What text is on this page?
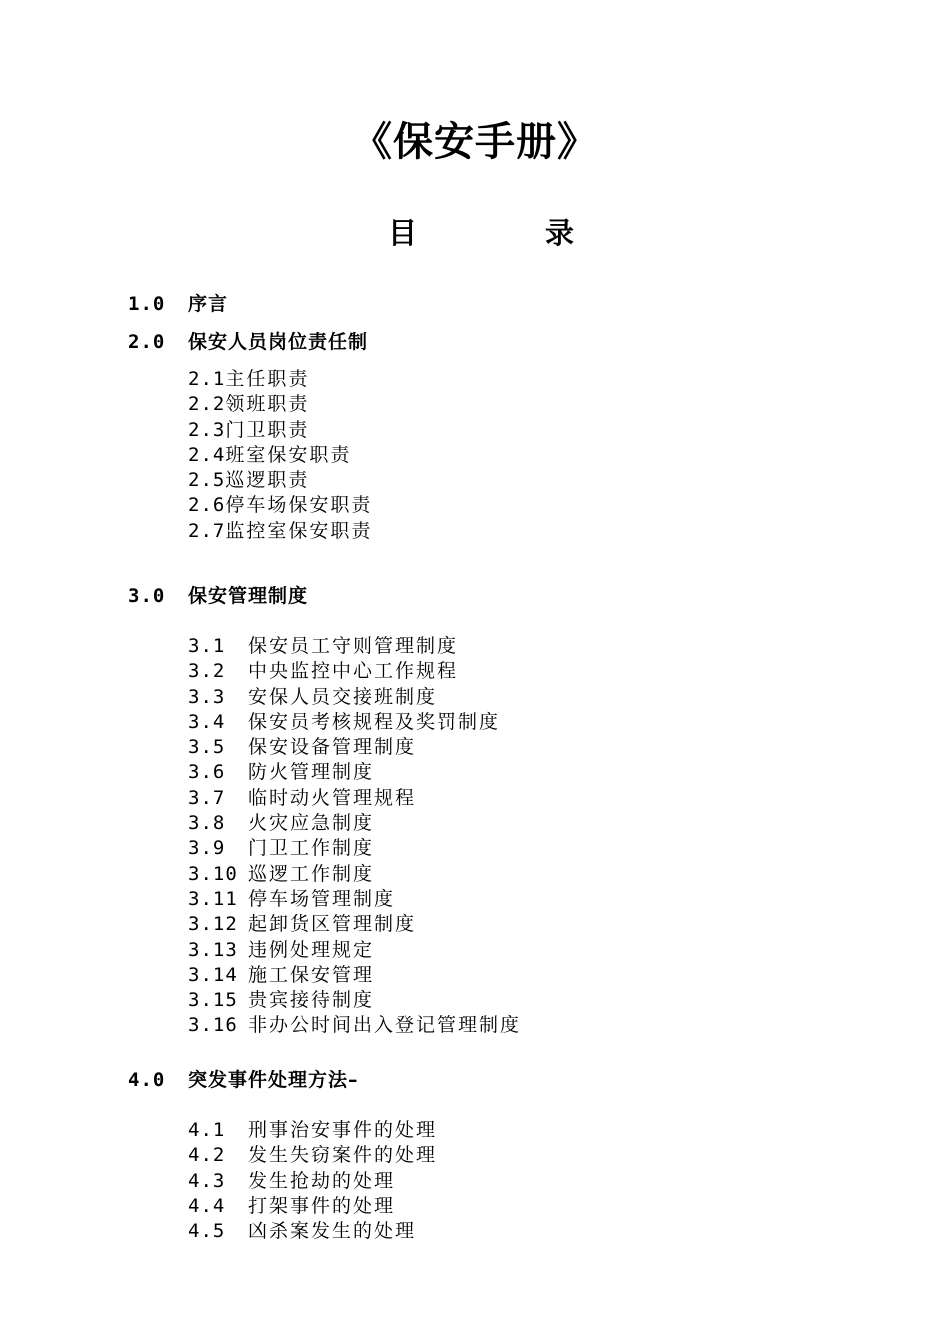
《保安手册》
目	录
1.0 序言
2.0 保安人员岗位责任制
2.1主任职责
2.2领班职责
2.3门卫职责
2.4班室保安职责
2.5巡逻职责
2.6停车场保安职责
2.7监控室保安职责
3.0 保安管理制度
3.1 保安员工守则管理制度
3.2 中央监控中心工作规程
3.3 安保人员交接班制度
3.4 保安员考核规程及奖罚制度
3.5 保安设备管理制度
3.6 防火管理制度
3.7 临时动火管理规程
3.8 火灾应急制度
3.9 门卫工作制度
3.10 巡逻工作制度
3.11 停车场管理制度
3.12 起卸货区管理制度
3.13 违例处理规定
3.14 施工保安管理
3.15 贵宾接待制度
3.16 非办公时间出入登记管理制度
4.0 突发事件处理方法–
4.1 刑事治安事件的处理
4.2 发生失窃案件的处理
4.3 发生抢劫的处理
4.4 打架事件的处理
4.5 凶杀案发生的处理
